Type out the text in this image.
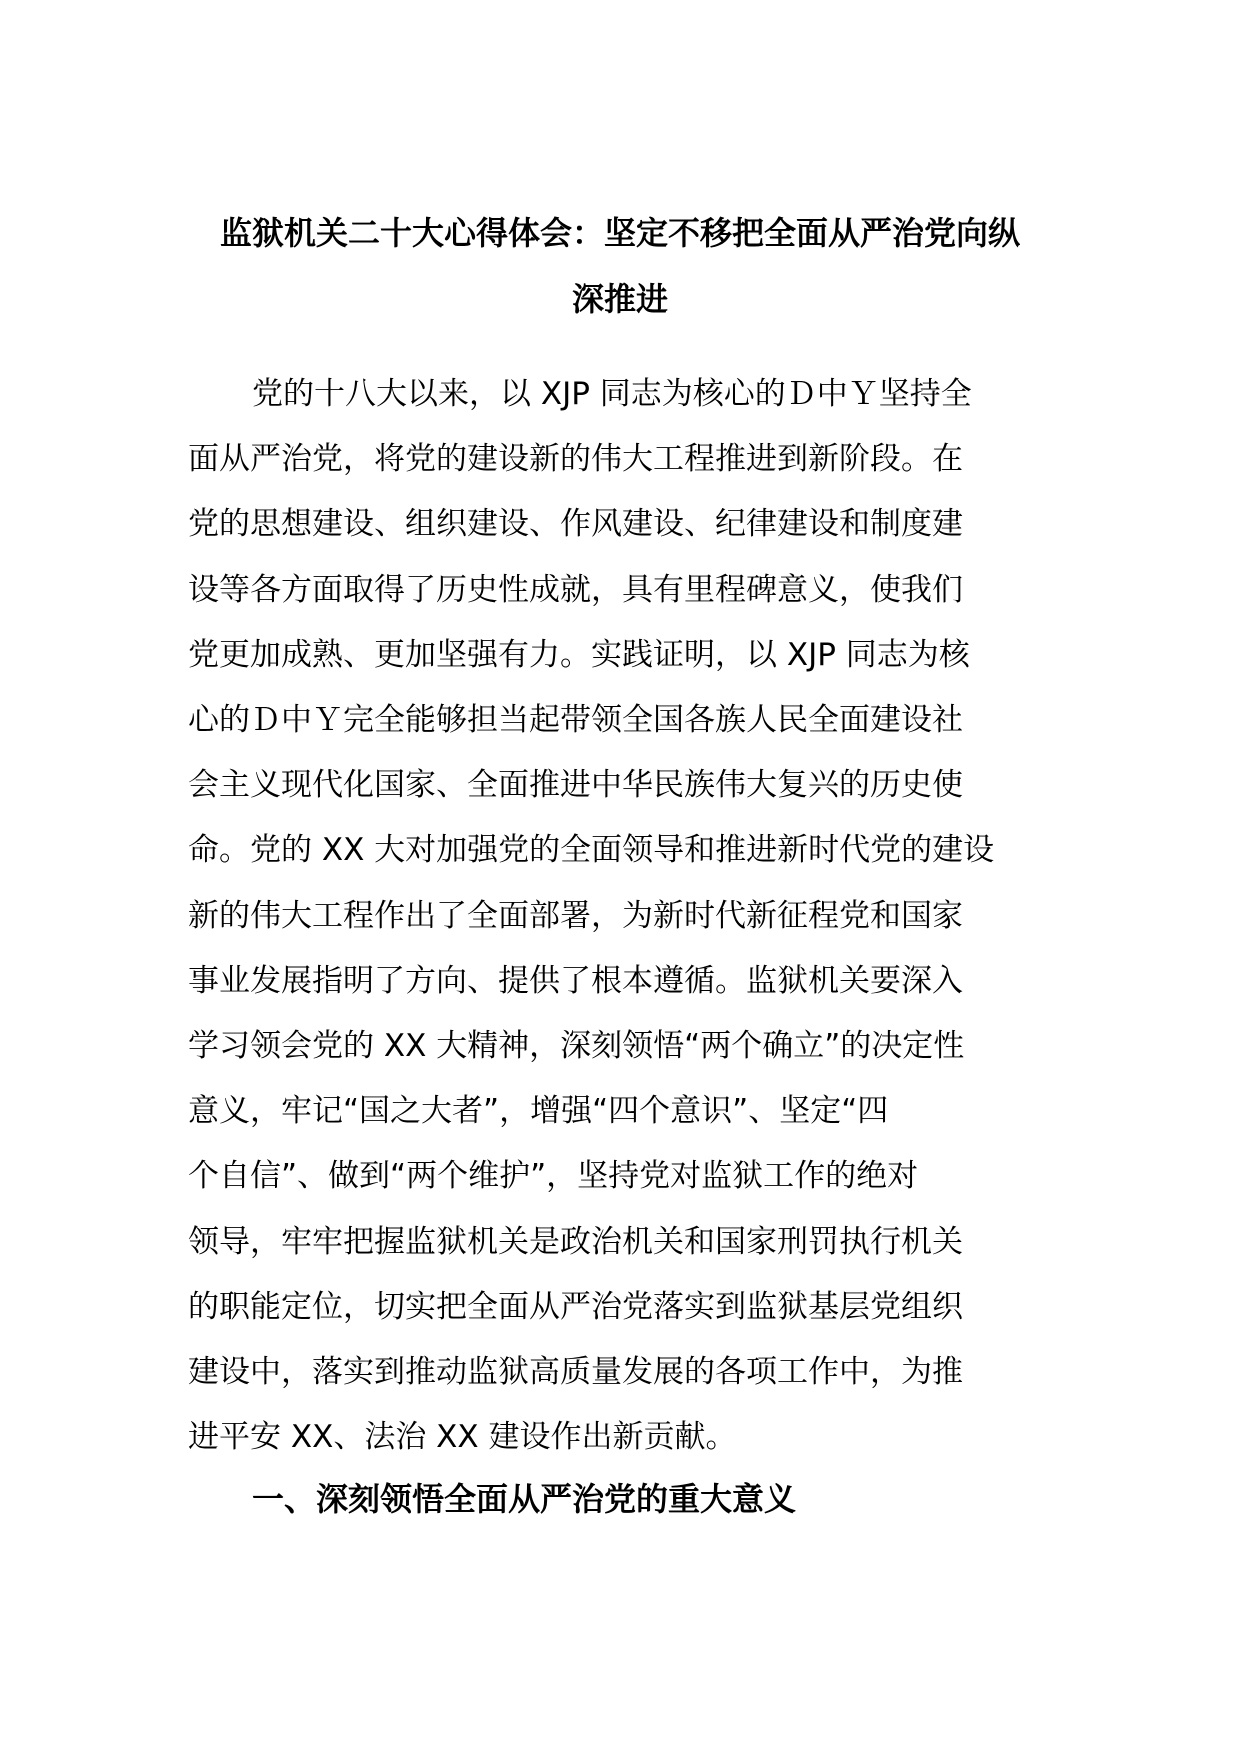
监狱机关二十大心得体会：坚定不移把全面从严治党向纵
深推进

党的十八大以来，以 XJP 同志为核心的Ｄ中Ｙ坚持全
面从严治党，将党的建设新的伟大工程推进到新阶段。在
党的思想建设、组织建设、作风建设、纪律建设和制度建
设等各方面取得了历史性成就，具有里程碑意义，使我们
党更加成熟、更加坚强有力。实践证明，以 XJP 同志为核
心的Ｄ中Ｙ完全能够担当起带领全国各族人民全面建设社
会主义现代化国家、全面推进中华民族伟大复兴的历史使
命。党的 XX 大对加强党的全面领导和推进新时代党的建设
新的伟大工程作出了全面部署，为新时代新征程党和国家
事业发展指明了方向、提供了根本遵循。监狱机关要深入
学习领会党的 XX 大精神，深刻领悟“两个确立”的决定性
意义，牢记“国之大者”，增强“四个意识”、坚定“四
个自信”、做到“两个维护”，坚持党对监狱工作的绝对
领导，牢牢把握监狱机关是政治机关和国家刑罚执行机关
的职能定位，切实把全面从严治党落实到监狱基层党组织
建设中，落实到推动监狱高质量发展的各项工作中，为推
进平安 XX、法治 XX 建设作出新贡献。

一、深刻领悟全面从严治党的重大意义
